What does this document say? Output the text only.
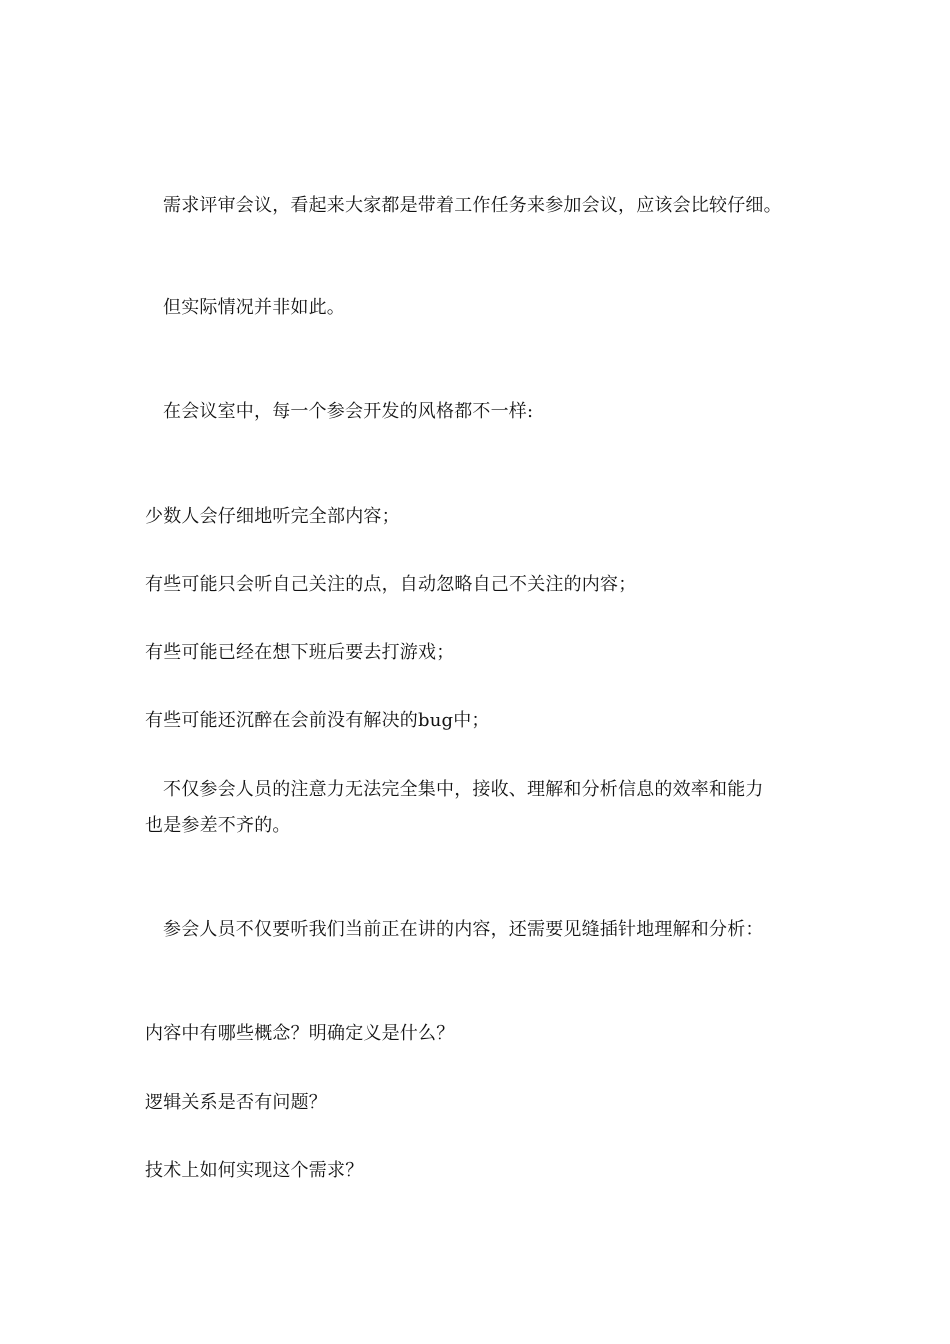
需求评审会议，看起来大家都是带着工作任务来参加会议，应该会比较仔细。

但实际情况并非如此。

在会议室中，每一个参会开发的风格都不一样:

少数人会仔细地听完全部内容；

有些可能只会听自己关注的点，自动忽略自己不关注的内容；

有些可能已经在想下班后要去打游戏；

有些可能还沉醉在会前没有解决的bug中；

不仅参会人员的注意力无法完全集中，接收、理解和分析信息的效率和能力

也是参差不齐的。

参会人员不仅要听我们当前正在讲的内容，还需要见缝插针地理解和分析：

内容中有哪些概念？明确定义是什么？

逻辑关系是否有问题？

技术上如何实现这个需求？
